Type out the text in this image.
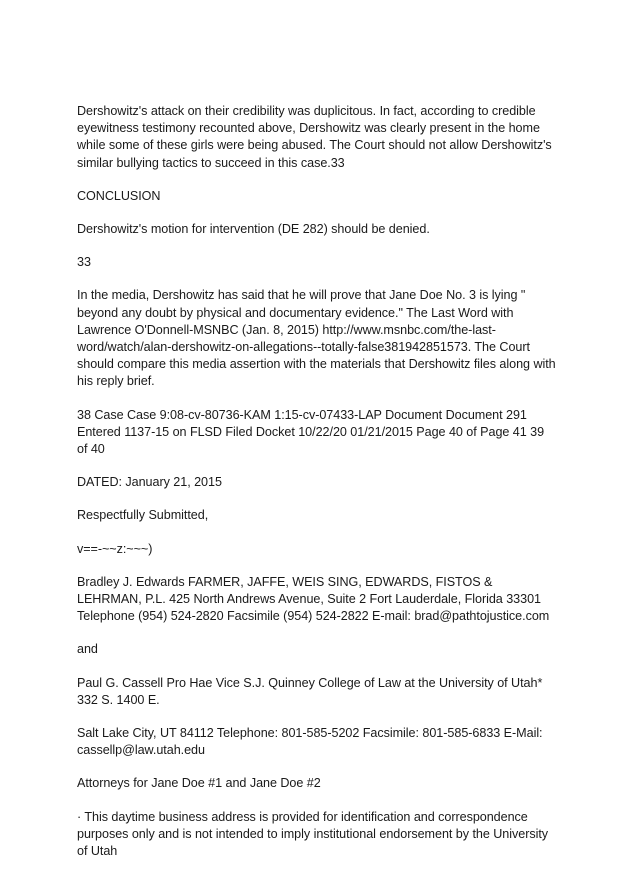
Dershowitz's attack on their credibility was duplicitous. In fact, according to credible eyewitness testimony recounted above, Dershowitz was clearly present in the home while some of these girls were being abused. The Court should not allow Dershowitz's similar bullying tactics to succeed in this case.33

CONCLUSION

Dershowitz's motion for intervention (DE 282) should be denied.

33

In the media, Dershowitz has said that he will prove that Jane Doe No. 3 is lying " beyond any doubt by physical and documentary evidence." The Last Word with Lawrence O'Donnell-MSNBC (Jan. 8, 2015) http://www.msnbc.com/the-last-word/watch/alan-dershowitz-on-allegations--totally-false381942851573. The Court should compare this media assertion with the materials that Dershowitz files along with his reply brief.

38 Case Case 9:08-cv-80736-KAM 1:15-cv-07433-LAP Document Document 291 Entered 1137-15 on FLSD Filed Docket 10/22/20 01/21/2015 Page 40 of Page 41 39 of 40

DATED: January 21, 2015

Respectfully Submitted,

v==-~~z:~~~)

Bradley J. Edwards FARMER, JAFFE, WEIS SING, EDWARDS, FISTOS & LEHRMAN, P.L. 425 North Andrews Avenue, Suite 2 Fort Lauderdale, Florida 33301 Telephone (954) 524-2820 Facsimile (954) 524-2822 E-mail: brad@pathtojustice.com

and

Paul G. Cassell Pro Hae Vice S.J. Quinney College of Law at the University of Utah* 332 S. 1400 E.

Salt Lake City, UT 84112 Telephone: 801-585-5202 Facsimile: 801-585-6833 E-Mail: cassellp@law.utah.edu

Attorneys for Jane Doe #1 and Jane Doe #2

· This daytime business address is provided for identification and correspondence purposes only and is not intended to imply institutional endorsement by the University of Utah
